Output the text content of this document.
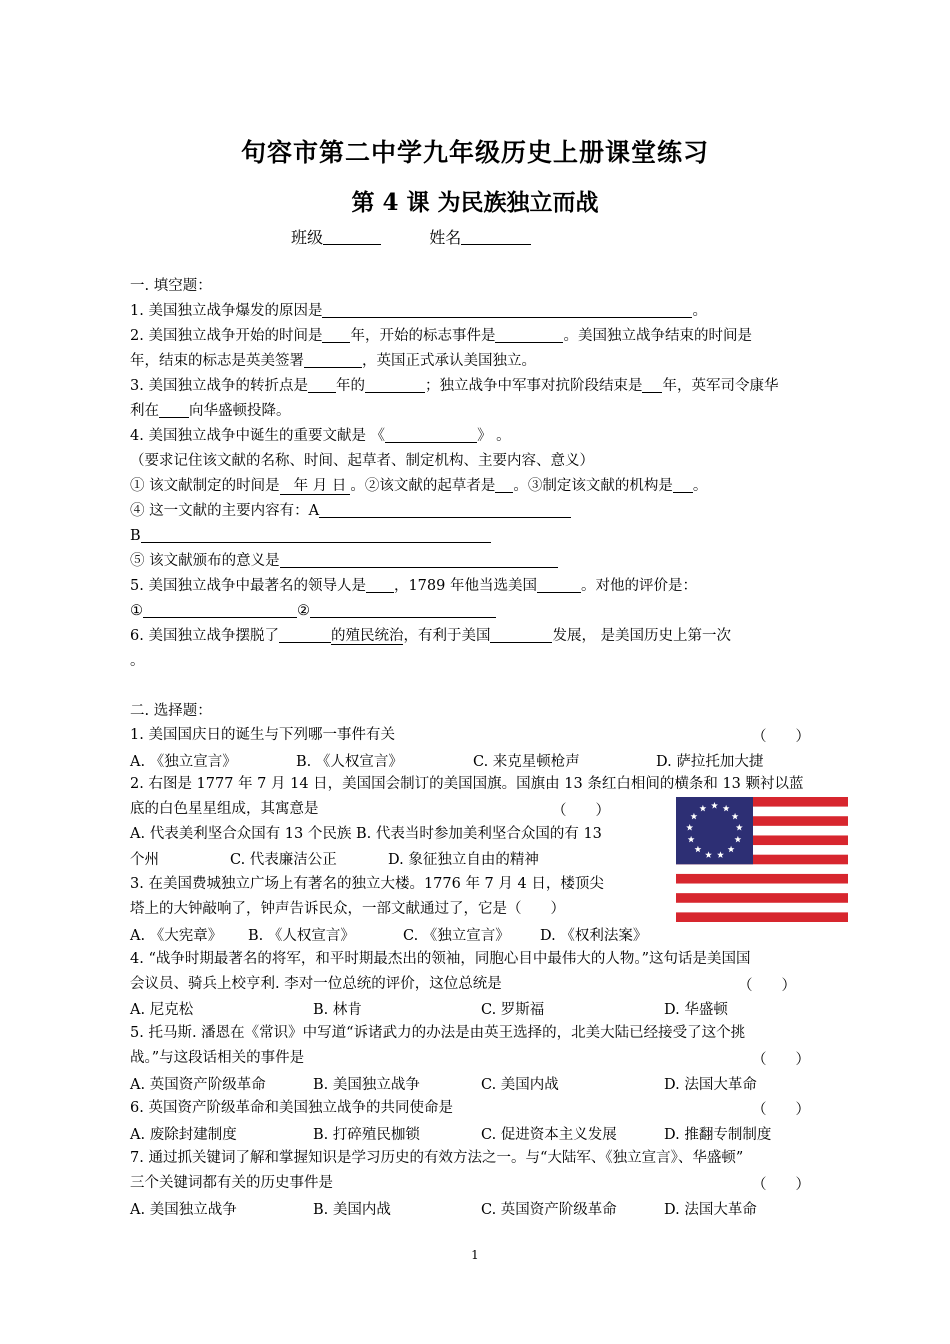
句容市第二中学九年级历史上册课堂练习
第 4 课 为民族独立而战
班级	姓名
一. 填空题：
1. 美国独立战争爆发的原因是	。
2. 美国独立战争开始的时间是 年，开始的标志事件是	。美国独立战争结束的时间是
年，结束的标志是英美签署	，英国正式承认美国独立。
3. 美国独立战争的转折点是 年的	；独立战争中军事对抗阶段结束是 年，英军司令康华
利在 向华盛顿投降。
4. 美国独立战争中诞生的重要文献是 《	》 。
（要求记住该文献的名称、时间、起草者、制定机构、主要内容、意义）
① 该文献制定的时间是 年 月 日 。②该文献的起草者是 。③制定该文献的机构是 。
④ 这一文献的主要内容有：A
B
⑤ 该文献颁布的意义是
5. 美国独立战争中最著名的领导人是 ，1789 年他当选美国	。对他的评价是：
①	②
6. 美国独立战争摆脱了	的殖民统治，有利于美国	发展， 是美国历史上第一次
。
二. 选择题：
1. 美国国庆日的诞生与下列哪一事件有关	（　　）
A. 《独立宣言》	B. 《人权宣言》	C. 来克星顿枪声	D. 萨拉托加大捷
2. 右图是 1777 年 7 月 14 日，美国国会制订的美国国旗。国旗由 13 条红白相间的横条和 13 颗衬以蓝
底的白色星星组成，其寓意是	（　　）
A. 代表美利坚合众国有 13 个民族 B. 代表当时参加美利坚合众国的有 13
个州	C. 代表廉洁公正	D. 象征独立自由的精神
3. 在美国费城独立广场上有著名的独立大楼。1776 年 7 月 4 日，楼顶尖
塔上的大钟敲响了，钟声告诉民众，一部文献通过了，它是（　　）
A. 《大宪章》 B. 《人权宣言》	C. 《独立宣言》 D. 《权利法案》
4. “战争时期最著名的将军，和平时期最杰出的领袖，同胞心目中最伟大的人物。”这句话是美国国
会议员、骑兵上校亨利. 李对一位总统的评价，这位总统是	（　　）
A. 尼克松	B. 林肯	C. 罗斯福	D. 华盛顿
5. 托马斯. 潘恩在《常识》中写道“诉诸武力的办法是由英王选择的，北美大陆已经接受了这个挑
战。”与这段话相关的事件是	（　　）
A. 英国资产阶级革命	B. 美国独立战争	C. 美国内战	D. 法国大革命
6. 英国资产阶级革命和美国独立战争的共同使命是	（　　）
A. 废除封建制度	B. 打碎殖民枷锁	C. 促进资本主义发展	D. 推翻专制制度
7. 通过抓关键词了解和掌握知识是学习历史的有效方法之一。与“大陆军、《独立宣言》、华盛顿”
三个关键词都有关的历史事件是	（　　）
A. 美国独立战争	B. 美国内战	C. 英国资产阶级革命	D. 法国大革命
1
